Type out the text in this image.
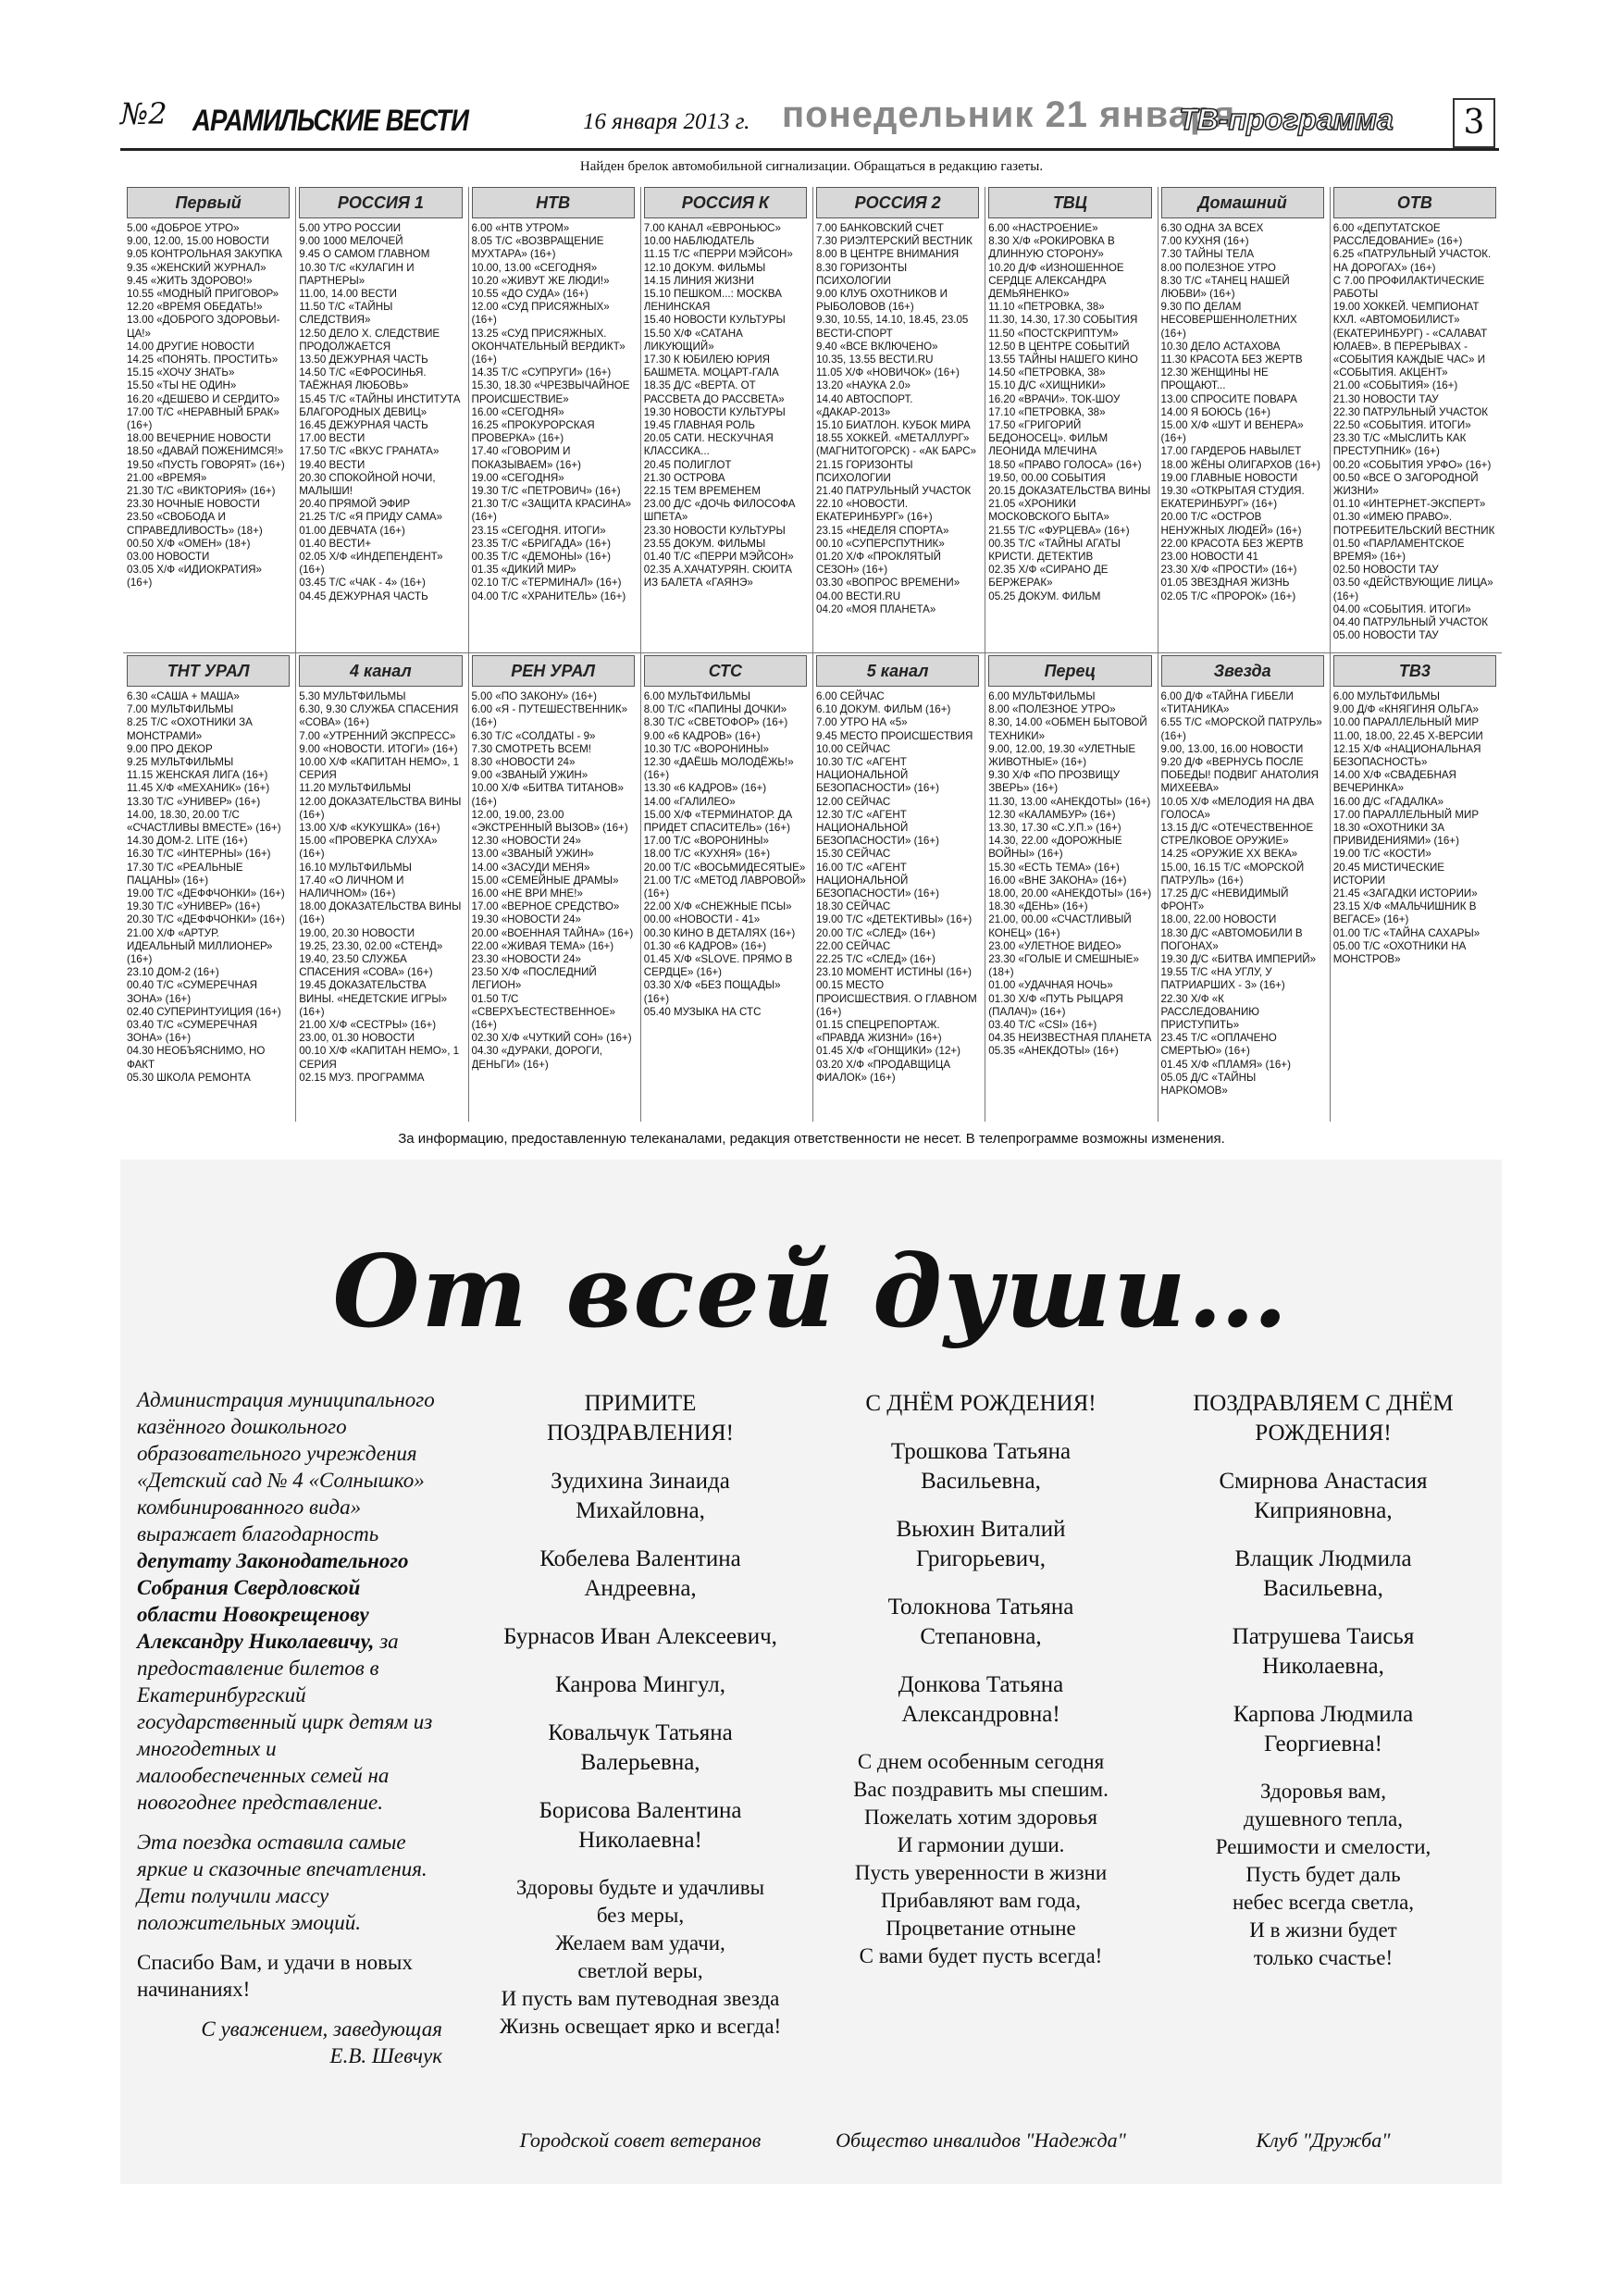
№2 АРАМИЛЬСКИЕ ВЕСТИ	16 января 2013 г. понедельник 21 января
ТВ-программа	3
Найден брелок автомобильной сигнализации. Обращаться в редакцию газеты.
Первый
5.00 «ДОБРОЕ УТРО»
9.00, 12.00, 15.00 НОВОСТИ
9.05 КОНТРОЛЬНАЯ ЗАКУПКА
9.35 «ЖЕНСКИЙ ЖУРНАЛ»
9.45 «ЖИТЬ ЗДОРОВО!»
10.55 «МОДНЫЙ ПРИГОВОР»
12.20 «ВРЕМЯ ОБЕДАТЬ!»
13.00 «ДОБРОГО ЗДОРОВЬИ-ЦА!»
14.00 ДРУГИЕ НОВОСТИ
14.25 «ПОНЯТЬ. ПРОСТИТЬ»
15.15 «ХОЧУ ЗНАТЬ»
15.50 «ТЫ НЕ ОДИН»
16.20 «ДЕШЕВО И СЕРДИТО»
17.00 Т/С «НЕРАВНЫЙ БРАК» (16+)
18.00 ВЕЧЕРНИЕ НОВОСТИ
18.50 «ДАВАЙ ПОЖЕНИМСЯ!»
19.50 «ПУСТЬ ГОВОРЯТ» (16+)
21.00 «ВРЕМЯ»
21.30 Т/С «ВИКТОРИЯ» (16+)
23.30 НОЧНЫЕ НОВОСТИ
23.50 «СВОБОДА И СПРАВЕДЛИВОСТЬ» (18+)
00.50 Х/Ф «ОМЕН» (18+)
03.00 НОВОСТИ
03.05 Х/Ф «ИДИОКРАТИЯ» (16+)
РОССИЯ 1
5.00 УТРО РОССИИ
9.00 1000 МЕЛОЧЕЙ
9.45 О САМОМ ГЛАВНОМ
10.30 Т/С «КУЛАГИН И ПАРТНЕРЫ»
11.00, 14.00 ВЕСТИ
11.50 Т/С «ТАЙНЫ СЛЕДСТВИЯ»
12.50 ДЕЛО Х. СЛЕДСТВИЕ ПРОДОЛЖАЕТСЯ
13.50 ДЕЖУРНАЯ ЧАСТЬ
14.50 Т/С «ЕФРОСИНЬЯ. ТАЁЖНАЯ ЛЮБОВЬ»
15.45 Т/С «ТАЙНЫ ИНСТИТУТА БЛАГОРОДНЫХ ДЕВИЦ»
16.45 ДЕЖУРНАЯ ЧАСТЬ
17.00 ВЕСТИ
17.50 Т/С «ВКУС ГРАНАТА»
19.40 ВЕСТИ
20.30 СПОКОЙНОЙ НОЧИ, МАЛЫШИ!
20.40 ПРЯМОЙ ЭФИР
21.25 Т/С «Я ПРИДУ САМА»
01.00 ДЕВЧАТА (16+)
01.40 ВЕСТИ+
02.05 Х/Ф «ИНДЕПЕНДЕНТ» (16+)
03.45 Т/С «ЧАК - 4» (16+)
04.45 ДЕЖУРНАЯ ЧАСТЬ
НТВ
6.00 «НТВ УТРОМ»
8.05 Т/С «ВОЗВРАЩЕНИЕ МУХТАРА» (16+)
10.00, 13.00 «СЕГОДНЯ»
10.20 «ЖИВУТ ЖЕ ЛЮДИ!»
10.55 «ДО СУДА» (16+)
12.00 «СУД ПРИСЯЖНЫХ» (16+)
13.25 «СУД ПРИСЯЖНЫХ. ОКОНЧАТЕЛЬНЫЙ ВЕРДИКТ» (16+)
14.35 Т/С «СУПРУГИ» (16+)
15.30, 18.30 «ЧРЕЗВЫЧАЙНОЕ ПРОИСШЕСТВИЕ»
16.00 «СЕГОДНЯ»
16.25 «ПРОКУРОРСКАЯ ПРОВЕРКА» (16+)
17.40 «ГОВОРИМ И ПОКАЗЫВАЕМ» (16+)
19.00 «СЕГОДНЯ»
19.30 Т/С «ПЕТРОВИЧ» (16+)
21.30 Т/С «ЗАЩИТА КРАСИНА» (16+)
23.15 «СЕГОДНЯ. ИТОГИ»
23.35 Т/С «БРИГАДА» (16+)
00.35 Т/С «ДЕМОНЫ» (16+)
01.35 «ДИКИЙ МИР»
02.10 Т/С «ТЕРМИНАЛ» (16+)
04.00 Т/С «ХРАНИТЕЛЬ» (16+)
РОССИЯ К
7.00 КАНАЛ «ЕВРОНЬЮС»
10.00 НАБЛЮДАТЕЛЬ
11.15 Т/С «ПЕРРИ МЭЙСОН»
12.10 ДОКУМ. ФИЛЬМЫ
14.15 ЛИНИЯ ЖИЗНИ
15.10 ПЕШКОМ...: МОСКВА ЛЕНИНСКАЯ
15.40 НОВОСТИ КУЛЬТУРЫ
15.50 Х/Ф «САТАНА ЛИКУЮЩИЙ»
17.30 К ЮБИЛЕЮ ЮРИЯ БАШМЕТА. МОЦАРТ-ГАЛА
18.35 Д/С «ВЕРТА. ОТ РАССВЕТА ДО РАССВЕТА»
19.30 НОВОСТИ КУЛЬТУРЫ
19.45 ГЛАВНАЯ РОЛЬ
20.05 САТИ. НЕСКУЧНАЯ КЛАССИКА...
20.45 ПОЛИГЛОТ
21.30 ОСТРОВА
22.15 ТЕМ ВРЕМЕНЕМ
23.00 Д/С «ДОЧЬ ФИЛОСОФА ШПЕТА»
23.30 НОВОСТИ КУЛЬТУРЫ
23.55 ДОКУМ. ФИЛЬМЫ
01.40 Т/С «ПЕРРИ МЭЙСОН»
02.35 А.ХАЧАТУРЯН. СЮИТА ИЗ БАЛЕТА «ГАЯНЭ»
РОССИЯ 2
7.00 БАНКОВСКИЙ СЧЕТ
7.30 РИЭЛТЕРСКИЙ ВЕСТНИК
8.00 В ЦЕНТРЕ ВНИМАНИЯ
8.30 ГОРИЗОНТЫ ПСИХОЛОГИИ
9.00 КЛУБ ОХОТНИКОВ И РЫБОЛОВОВ (16+)
9.30, 10.55, 14.10, 18.45, 23.05 ВЕСТИ-СПОРТ
9.40 «ВСЕ ВКЛЮЧЕНО»
10.35, 13.55 ВЕСТИ.RU
11.05 Х/Ф «НОВИЧОК» (16+)
13.20 «НАУКА 2.0»
14.40 АВТОСПОРТ. «ДАКАР-2013»
15.10 БИАТЛОН. КУБОК МИРА
18.55 ХОККЕЙ. «МЕТАЛЛУРГ» (МАГНИТОГОРСК) - «АК БАРС»
21.15 ГОРИЗОНТЫ ПСИХОЛОГИИ
21.40 ПАТРУЛЬНЫЙ УЧАСТОК
22.10 «НОВОСТИ. ЕКАТЕРИНБУРГ» (16+)
23.15 «НЕДЕЛЯ СПОРТА»
00.10 «СУПЕРСПУТНИК»
01.20 Х/Ф «ПРОКЛЯТЫЙ СЕЗОН» (16+)
03.30 «ВОПРОС ВРЕМЕНИ»
04.00 ВЕСТИ.RU
04.20 «МОЯ ПЛАНЕТА»
ТВЦ
6.00 «НАСТРОЕНИЕ»
8.30 Х/Ф «РОКИРОВКА В ДЛИННУЮ СТОРОНУ»
10.20 Д/Ф «ИЗНОШЕННОЕ СЕРДЦЕ АЛЕКСАНДРА ДЕМЬЯНЕНКО»
11.10 «ПЕТРОВКА, 38»
11.30, 14.30, 17.30 СОБЫТИЯ
11.50 «ПОСТСКРИПТУМ»
12.50 В ЦЕНТРЕ СОБЫТИЙ
13.55 ТАЙНЫ НАШЕГО КИНО
14.50 «ПЕТРОВКА, 38»
15.10 Д/С «ХИЩНИКИ»
16.20 «ВРАЧИ». ТОК-ШОУ
17.10 «ПЕТРОВКА, 38»
17.50 «ГРИГОРИЙ БЕДОНОСЕЦ». ФИЛЬМ ЛЕОНИДА МЛЕЧИНА
18.50 «ПРАВО ГОЛОСА» (16+)
19.50, 00.00 СОБЫТИЯ
20.15 ДОКАЗАТЕЛЬСТВА ВИНЫ
21.05 «ХРОНИКИ МОСКОВСКОГО БЫТА»
21.55 Т/С «ФУРЦЕВА» (16+)
00.35 Т/С «ТАЙНЫ АГАТЫ КРИСТИ. ДЕТЕКТИВ
02.35 Х/Ф «СИРАНО ДЕ БЕРЖЕРАК»
05.25 ДОКУМ. ФИЛЬМ
Домашний
6.30 ОДНА ЗА ВСЕХ
7.00 КУХНЯ (16+)
7.30 ТАЙНЫ ТЕЛА
8.00 ПОЛЕЗНОЕ УТРО
8.30 Т/С «ТАНЕЦ НАШЕЙ ЛЮБВИ» (16+)
9.30 ПО ДЕЛАМ НЕСОВЕРШЕННОЛЕТНИХ (16+)
10.30 ДЕЛО АСТАХОВА
11.30 КРАСОТА БЕЗ ЖЕРТВ
12.30 ЖЕНЩИНЫ НЕ ПРОЩАЮТ...
13.00 СПРОСИТЕ ПОВАРА
14.00 Я БОЮСЬ (16+)
15.00 Х/Ф «ШУТ И ВЕНЕРА» (16+)
17.00 ГАРДЕРОБ НАВЫЛЕТ
18.00 ЖЁНЫ ОЛИГАРХОВ (16+)
19.00 ГЛАВНЫЕ НОВОСТИ
19.30 «ОТКРЫТАЯ СТУДИЯ. ЕКАТЕРИНБУРГ» (16+)
20.00 Т/С «ОСТРОВ НЕНУЖНЫХ ЛЮДЕЙ» (16+)
22.00 КРАСОТА БЕЗ ЖЕРТВ
23.00 НОВОСТИ 41
23.30 Х/Ф «ПРОСТИ» (16+)
01.05 ЗВЕЗДНАЯ ЖИЗНЬ
02.05 Т/С «ПРОРОК» (16+)
ОТВ
6.00 «ДЕПУТАТСКОЕ РАССЛЕДОВАНИЕ» (16+)
6.25 «ПАТРУЛЬНЫЙ УЧАСТОК. НА ДОРОГАХ» (16+)
С 7.00 ПРОФИЛАКТИЧЕСКИЕ РАБОТЫ
19.00 ХОККЕЙ. ЧЕМПИОНАТ КХЛ. «АВТОМОБИЛИСТ» (ЕКАТЕРИНБУРГ) - «САЛАВАТ ЮЛАЕВ». В ПЕРЕРЫВАХ - «СОБЫТИЯ КАЖДЫЕ ЧАС» И «СОБЫТИЯ. АКЦЕНТ»
21.00 «СОБЫТИЯ» (16+)
21.30 НОВОСТИ ТАУ
22.30 ПАТРУЛЬНЫЙ УЧАСТОК
22.50 «СОБЫТИЯ. ИТОГИ»
23.30 Т/С «МЫСЛИТЬ КАК ПРЕСТУПНИК» (16+)
00.20 «СОБЫТИЯ УРФО» (16+)
00.50 «ВСЕ О ЗАГОРОДНОЙ ЖИЗНИ»
01.10 «ИНТЕРНЕТ-ЭКСПЕРТ»
01.30 «ИМЕЮ ПРАВО». ПОТРЕБИТЕЛЬСКИЙ ВЕСТНИК
01.50 «ПАРЛАМЕНТСКОЕ ВРЕМЯ» (16+)
02.50 НОВОСТИ ТАУ
03.50 «ДЕЙСТВУЮЩИЕ ЛИЦА» (16+)
04.00 «СОБЫТИЯ. ИТОГИ»
04.40 ПАТРУЛЬНЫЙ УЧАСТОК
05.00 НОВОСТИ ТАУ
ТНТ УРАЛ
6.30 «САША + МАША»
7.00 МУЛЬТФИЛЬМЫ
8.25 Т/С «ОХОТНИКИ ЗА МОНСТРАМИ»
9.00 ПРО ДЕКОР
9.25 МУЛЬТФИЛЬМЫ
11.15 ЖЕНСКАЯ ЛИГА (16+)
11.45 Х/Ф «МЕХАНИК» (16+)
13.30 Т/С «УНИВЕР» (16+)
14.00, 18.30, 20.00 Т/С «СЧАСТЛИВЫ ВМЕСТЕ» (16+)
14.30 ДОМ-2. LITE (16+)
16.30 Т/С «ИНТЕРНЫ» (16+)
17.30 Т/С «РЕАЛЬНЫЕ ПАЦАНЫ» (16+)
19.00 Т/С «ДЕФФЧОНКИ» (16+)
19.30 Т/С «УНИВЕР» (16+)
20.30 Т/С «ДЕФФЧОНКИ» (16+)
21.00 Х/Ф «АРТУР. ИДЕАЛЬНЫЙ МИЛЛИОНЕР» (16+)
23.10 ДОМ-2 (16+)
00.40 Т/С «СУМЕРЕЧНАЯ ЗОНА» (16+)
02.40 СУПЕРИНТУИЦИЯ (16+)
03.40 Т/С «СУМЕРЕЧНАЯ ЗОНА» (16+)
04.30 НЕОБЪЯСНИМО, НО ФАКТ
05.30 ШКОЛА РЕМОНТА
4 канал
5.30 МУЛЬТФИЛЬМЫ
6.30, 9.30 СЛУЖБА СПАСЕНИЯ «СОВА» (16+)
7.00 «УТРЕННИЙ ЭКСПРЕСС»
9.00 «НОВОСТИ. ИТОГИ» (16+)
10.00 Х/Ф «КАПИТАН НЕМО», 1 СЕРИЯ
11.20 МУЛЬТФИЛЬМЫ
12.00 ДОКАЗАТЕЛЬСТВА ВИНЫ (16+)
13.00 Х/Ф «КУКУШКА» (16+)
15.00 «ПРОВЕРКА СЛУХА» (16+)
16.10 МУЛЬТФИЛЬМЫ
17.40 «О ЛИЧНОМ И НАЛИЧНОМ» (16+)
18.00 ДОКАЗАТЕЛЬСТВА ВИНЫ (16+)
19.00, 20.30 НОВОСТИ
19.25, 23.30, 02.00 «СТЕНД»
19.40, 23.50 СЛУЖБА СПАСЕНИЯ «СОВА» (16+)
19.45 ДОКАЗАТЕЛЬСТВА ВИНЫ. «НЕДЕТСКИЕ ИГРЫ» (16+)
21.00 Х/Ф «СЕСТРЫ» (16+)
23.00, 01.30 НОВОСТИ
00.10 Х/Ф «КАПИТАН НЕМО», 1 СЕРИЯ
02.15 МУЗ. ПРОГРАММА
РЕН УРАЛ
5.00 «ПО ЗАКОНУ» (16+)
6.00 «Я - ПУТЕШЕСТВЕННИК» (16+)
6.30 Т/С «СОЛДАТЫ - 9»
7.30 СМОТРЕТЬ ВСЕМ!
8.30 «НОВОСТИ 24»
9.00 «ЗВАНЫЙ УЖИН»
10.00 Х/Ф «БИТВА ТИТАНОВ» (16+)
12.00, 19.00, 23.00 «ЭКСТРЕННЫЙ ВЫЗОВ» (16+)
12.30 «НОВОСТИ 24»
13.00 «ЗВАНЫЙ УЖИН»
14.00 «ЗАСУДИ МЕНЯ»
15.00 «СЕМЕЙНЫЕ ДРАМЫ»
16.00 «НЕ ВРИ МНЕ!»
17.00 «ВЕРНОЕ СРЕДСТВО»
19.30 «НОВОСТИ 24»
20.00 «ВОЕННАЯ ТАЙНА» (16+)
22.00 «ЖИВАЯ ТЕМА» (16+)
23.30 «НОВОСТИ 24»
23.50 Х/Ф «ПОСЛЕДНИЙ ЛЕГИОН»
01.50 Т/С «СВЕРХЪЕСТЕСТВЕННОЕ» (16+)
02.30 Х/Ф «ЧУТКИЙ СОН» (16+)
04.30 «ДУРАКИ, ДОРОГИ, ДЕНЬГИ» (16+)
СТС
6.00 МУЛЬТФИЛЬМЫ
8.00 Т/С «ПАПИНЫ ДОЧКИ»
8.30 Т/С «СВЕТОФОР» (16+)
9.00 «6 КАДРОВ» (16+)
10.30 Т/С «ВОРОНИНЫ»
12.30 «ДАЁШЬ МОЛОДЁЖЬ!» (16+)
13.30 «6 КАДРОВ» (16+)
14.00 «ГАЛИЛЕО»
15.00 Х/Ф «ТЕРМИНАТОР. ДА ПРИДЕТ СПАСИТЕЛЬ» (16+)
17.00 Т/С «ВОРОНИНЫ»
18.00 Т/С «КУХНЯ» (16+)
20.00 Т/С «ВОСЬМИДЕСЯТЫЕ»
21.00 Т/С «МЕТОД ЛАВРОВОЙ» (16+)
22.00 Х/Ф «СНЕЖНЫЕ ПСЫ»
00.00 «НОВОСТИ - 41»
00.30 КИНО В ДЕТАЛЯХ (16+)
01.30 «6 КАДРОВ» (16+)
01.45 Х/Ф «SLOVE. ПРЯМО В СЕРДЦЕ» (16+)
03.30 Х/Ф «БЕЗ ПОЩАДЫ» (16+)
05.40 МУЗЫКА НА СТС
5 канал
6.00 СЕЙЧАС
6.10 ДОКУМ. ФИЛЬМ (16+)
7.00 УТРО НА «5»
9.45 МЕСТО ПРОИСШЕСТВИЯ
10.00 СЕЙЧАС
10.30 Т/С «АГЕНТ НАЦИОНАЛЬНОЙ БЕЗОПАСНОСТИ» (16+)
12.00 СЕЙЧАС
12.30 Т/С «АГЕНТ НАЦИОНАЛЬНОЙ БЕЗОПАСНОСТИ» (16+)
15.30 СЕЙЧАС
16.00 Т/С «АГЕНТ НАЦИОНАЛЬНОЙ БЕЗОПАСНОСТИ» (16+)
18.30 СЕЙЧАС
19.00 Т/С «ДЕТЕКТИВЫ» (16+)
20.00 Т/С «СЛЕД» (16+)
22.00 СЕЙЧАС
22.25 Т/С «СЛЕД» (16+)
23.10 МОМЕНТ ИСТИНЫ (16+)
00.15 МЕСТО ПРОИСШЕСТВИЯ. О ГЛАВНОМ (16+)
01.15 СПЕЦРЕПОРТАЖ. «ПРАВДА ЖИЗНИ» (16+)
01.45 Х/Ф «ГОНЩИКИ» (12+)
03.20 Х/Ф «ПРОДАВЩИЦА ФИАЛОК» (16+)
Перец
6.00 МУЛЬТФИЛЬМЫ
8.00 «ПОЛЕЗНОЕ УТРО»
8.30, 14.00 «ОБМЕН БЫТОВОЙ ТЕХНИКИ»
9.00, 12.00, 19.30 «УЛЕТНЫЕ ЖИВОТНЫЕ» (16+)
9.30 Х/Ф «ПО ПРОЗВИЩУ ЗВЕРЬ» (16+)
11.30, 13.00 «АНЕКДОТЫ» (16+)
12.30 «КАЛАМБУР» (16+)
13.30, 17.30 «С.У.П.» (16+)
14.30, 22.00 «ДОРОЖНЫЕ ВОЙНЫ» (16+)
15.30 «ЕСТЬ ТЕМА» (16+)
16.00 «ВНЕ ЗАКОНА» (16+)
18.00, 20.00 «АНЕКДОТЫ» (16+)
18.30 «ДЕНЬ» (16+)
21.00, 00.00 «СЧАСТЛИВЫЙ КОНЕЦ» (16+)
23.00 «УЛЕТНОЕ ВИДЕО»
23.30 «ГОЛЫЕ И СМЕШНЫЕ» (18+)
01.00 «УДАЧНАЯ НОЧЬ»
01.30 Х/Ф «ПУТЬ РЫЦАРЯ (ПАЛАЧ)» (16+)
03.40 Т/С «CSI» (16+)
04.35 НЕИЗВЕСТНАЯ ПЛАНЕТА
05.35 «АНЕКДОТЫ» (16+)
Звезда
6.00 Д/Ф «ТАЙНА ГИБЕЛИ «ТИТАНИКА»
6.55 Т/С «МОРСКОЙ ПАТРУЛЬ» (16+)
9.00, 13.00, 16.00 НОВОСТИ
9.20 Д/Ф «ВЕРНУСЬ ПОСЛЕ ПОБЕДЫ! ПОДВИГ АНАТОЛИЯ МИХЕЕВА»
10.05 Х/Ф «МЕЛОДИЯ НА ДВА ГОЛОСА»
13.15 Д/С «ОТЕЧЕСТВЕННОЕ СТРЕЛКОВОЕ ОРУЖИЕ»
14.25 «ОРУЖИЕ ХХ ВЕКА»
15.00, 16.15 Т/С «МОРСКОЙ ПАТРУЛЬ» (16+)
17.25 Д/С «НЕВИДИМЫЙ ФРОНТ»
18.00, 22.00 НОВОСТИ
18.30 Д/С «АВТОМОБИЛИ В ПОГОНАХ»
19.30 Д/С «БИТВА ИМПЕРИЙ»
19.55 Т/С «НА УГЛУ, У ПАТРИАРШИХ - 3» (16+)
22.30 Х/Ф «К РАССЛЕДОВАНИЮ ПРИСТУПИТЬ»
23.45 Т/С «ОПЛАЧЕНО СМЕРТЬЮ» (16+)
01.45 Х/Ф «ПЛАМЯ» (16+)
05.05 Д/С «ТАЙНЫ НАРКОМОВ»
ТВ3
6.00 МУЛЬТФИЛЬМЫ
9.00 Д/Ф «КНЯГИНЯ ОЛЬГА»
10.00 ПАРАЛЛЕЛЬНЫЙ МИР
11.00, 18.00, 22.45 Х-ВЕРСИИ
12.15 Х/Ф «НАЦИОНАЛЬНАЯ БЕЗОПАСНОСТЬ»
14.00 Х/Ф «СВАДЕБНАЯ ВЕЧЕРИНКА»
16.00 Д/С «ГАДАЛКА»
17.00 ПАРАЛЛЕЛЬНЫЙ МИР
18.30 «ОХОТНИКИ ЗА ПРИВИДЕНИЯМИ» (16+)
19.00 Т/С «КОСТИ»
20.45 МИСТИЧЕСКИЕ ИСТОРИИ
21.45 «ЗАГАДКИ ИСТОРИИ»
23.15 Х/Ф «МАЛЬЧИШНИК В ВЕГАСЕ» (16+)
01.00 Т/С «ТАЙНА САХАРЫ»
05.00 Т/С «ОХОТНИКИ НА МОНСТРОВ»
За информацию, предоставленную телеканалами, редакция ответственности не несет. В телепрограмме возможны изменения.
От всей души…
Администрация муниципального казённого дошкольного образовательного учреждения «Детский сад № 4 «Солнышко» комбинированного вида» выражает благодарность депутату Законодательного Собрания Свердловской области Новокрещенову Александру Николаевичу, за предоставление билетов в Екатеринбургский государственный цирк детям из многодетных и малообеспеченных семей на новогоднее представление.
Эта поездка оставила самые яркие и сказочные впечатления. Дети получили массу положительных эмоций.
Спасибо Вам, и удачи в новых начинаниях!
С уважением, заведующая
Е.В. Шевчук
ПРИМИТЕ ПОЗДРАВЛЕНИЯ!
Зудихина Зинаида Михайловна,
Кобелева Валентина Андреевна,
Бурнасов Иван Алексеевич,
Канрова Мингул,
Ковальчук Татьяна Валерьевна,
Борисова Валентина Николаевна!
Здоровы будьте и удачливы
без меры,
Желаем вам удачи,
светлой веры,
И пусть вам путеводная звезда
Жизнь освещает ярко и всегда!
Городской совет ветеранов
С ДНЁМ РОЖДЕНИЯ!
Трошкова Татьяна Васильевна,
Вьюхин Виталий Григорьевич,
Толокнова Татьяна Степановна,
Донкова Татьяна Александровна!
С днем особенным сегодня
Вас поздравить мы спешим.
Пожелать хотим здоровья
И гармонии души.
Пусть уверенности в жизни
Прибавляют вам года,
Процветание отныне
С вами будет пусть всегда!
Общество инвалидов "Надежда"
ПОЗДРАВЛЯЕМ С ДНЁМ РОЖДЕНИЯ!
Смирнова Анастасия Киприяновна,
Влащик Людмила Васильевна,
Патрушева Таисья Николаевна,
Карпова Людмила Георгиевна!
Здоровья вам,
душевного тепла,
Решимости и смелости,
Пусть будет даль
небес всегда светла,
И в жизни будет
только счастье!
Клуб "Дружба"
